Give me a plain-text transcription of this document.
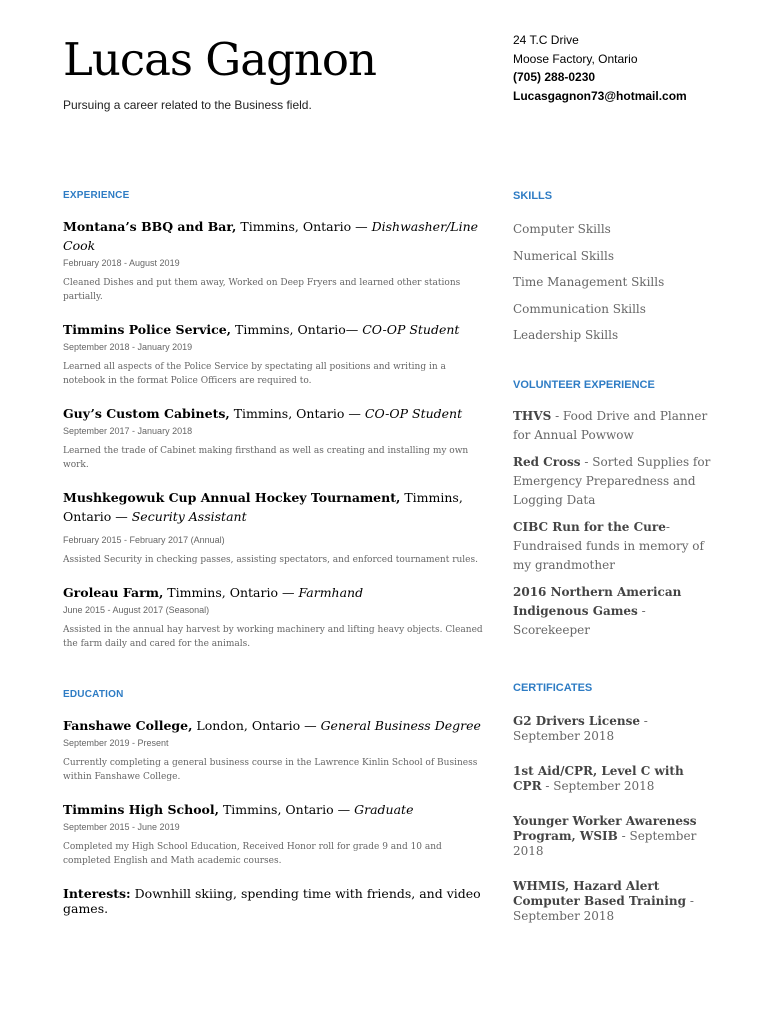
Lucas Gagnon
Pursuing a career related to the Business field.
24 T.C Drive
Moose Factory, Ontario
(705) 288-0230
Lucasgagnon73@hotmail.com
EXPERIENCE
Montana’s BBQ and Bar, Timmins, Ontario — Dishwasher/Line Cook
February 2018 - August 2019
Cleaned Dishes and put them away, Worked on Deep Fryers and learned other stations partially.
Timmins Police Service, Timmins, Ontario— CO-OP Student
September 2018 - January 2019
Learned all aspects of the Police Service by spectating all positions and writing in a notebook in the format Police Officers are required to.
Guy’s Custom Cabinets, Timmins, Ontario — CO-OP Student
September 2017 - January 2018
Learned the trade of Cabinet making firsthand as well as creating and installing my own work.
Mushkegowuk Cup Annual Hockey Tournament, Timmins, Ontario — Security Assistant
February 2015 - February 2017 (Annual)
Assisted Security in checking passes, assisting spectators, and enforced tournament rules.
Groleau Farm, Timmins, Ontario — Farmhand
June 2015 - August 2017 (Seasonal)
Assisted in the annual hay harvest by working machinery and lifting heavy objects. Cleaned the farm daily and cared for the animals.
EDUCATION
Fanshawe College, London, Ontario — General Business Degree
September 2019 - Present
Currently completing a general business course in the Lawrence Kinlin School of Business within Fanshawe College.
Timmins High School, Timmins, Ontario — Graduate
September 2015 - June 2019
Completed my High School Education, Received Honor roll for grade 9 and 10 and completed English and Math academic courses.
Interests: Downhill skiing, spending time with friends, and video games.
SKILLS
Computer Skills
Numerical Skills
Time Management Skills
Communication Skills
Leadership Skills
VOLUNTEER EXPERIENCE
THVS - Food Drive and Planner for Annual Powwow
Red Cross - Sorted Supplies for Emergency Preparedness and Logging Data
CIBC Run for the Cure- Fundraised funds in memory of my grandmother
2016 Northern American Indigenous Games - Scorekeeper
CERTIFICATES
G2 Drivers License - September 2018
1st Aid/CPR, Level C with CPR - September 2018
Younger Worker Awareness Program, WSIB - September 2018
WHMIS, Hazard Alert Computer Based Training - September 2018
